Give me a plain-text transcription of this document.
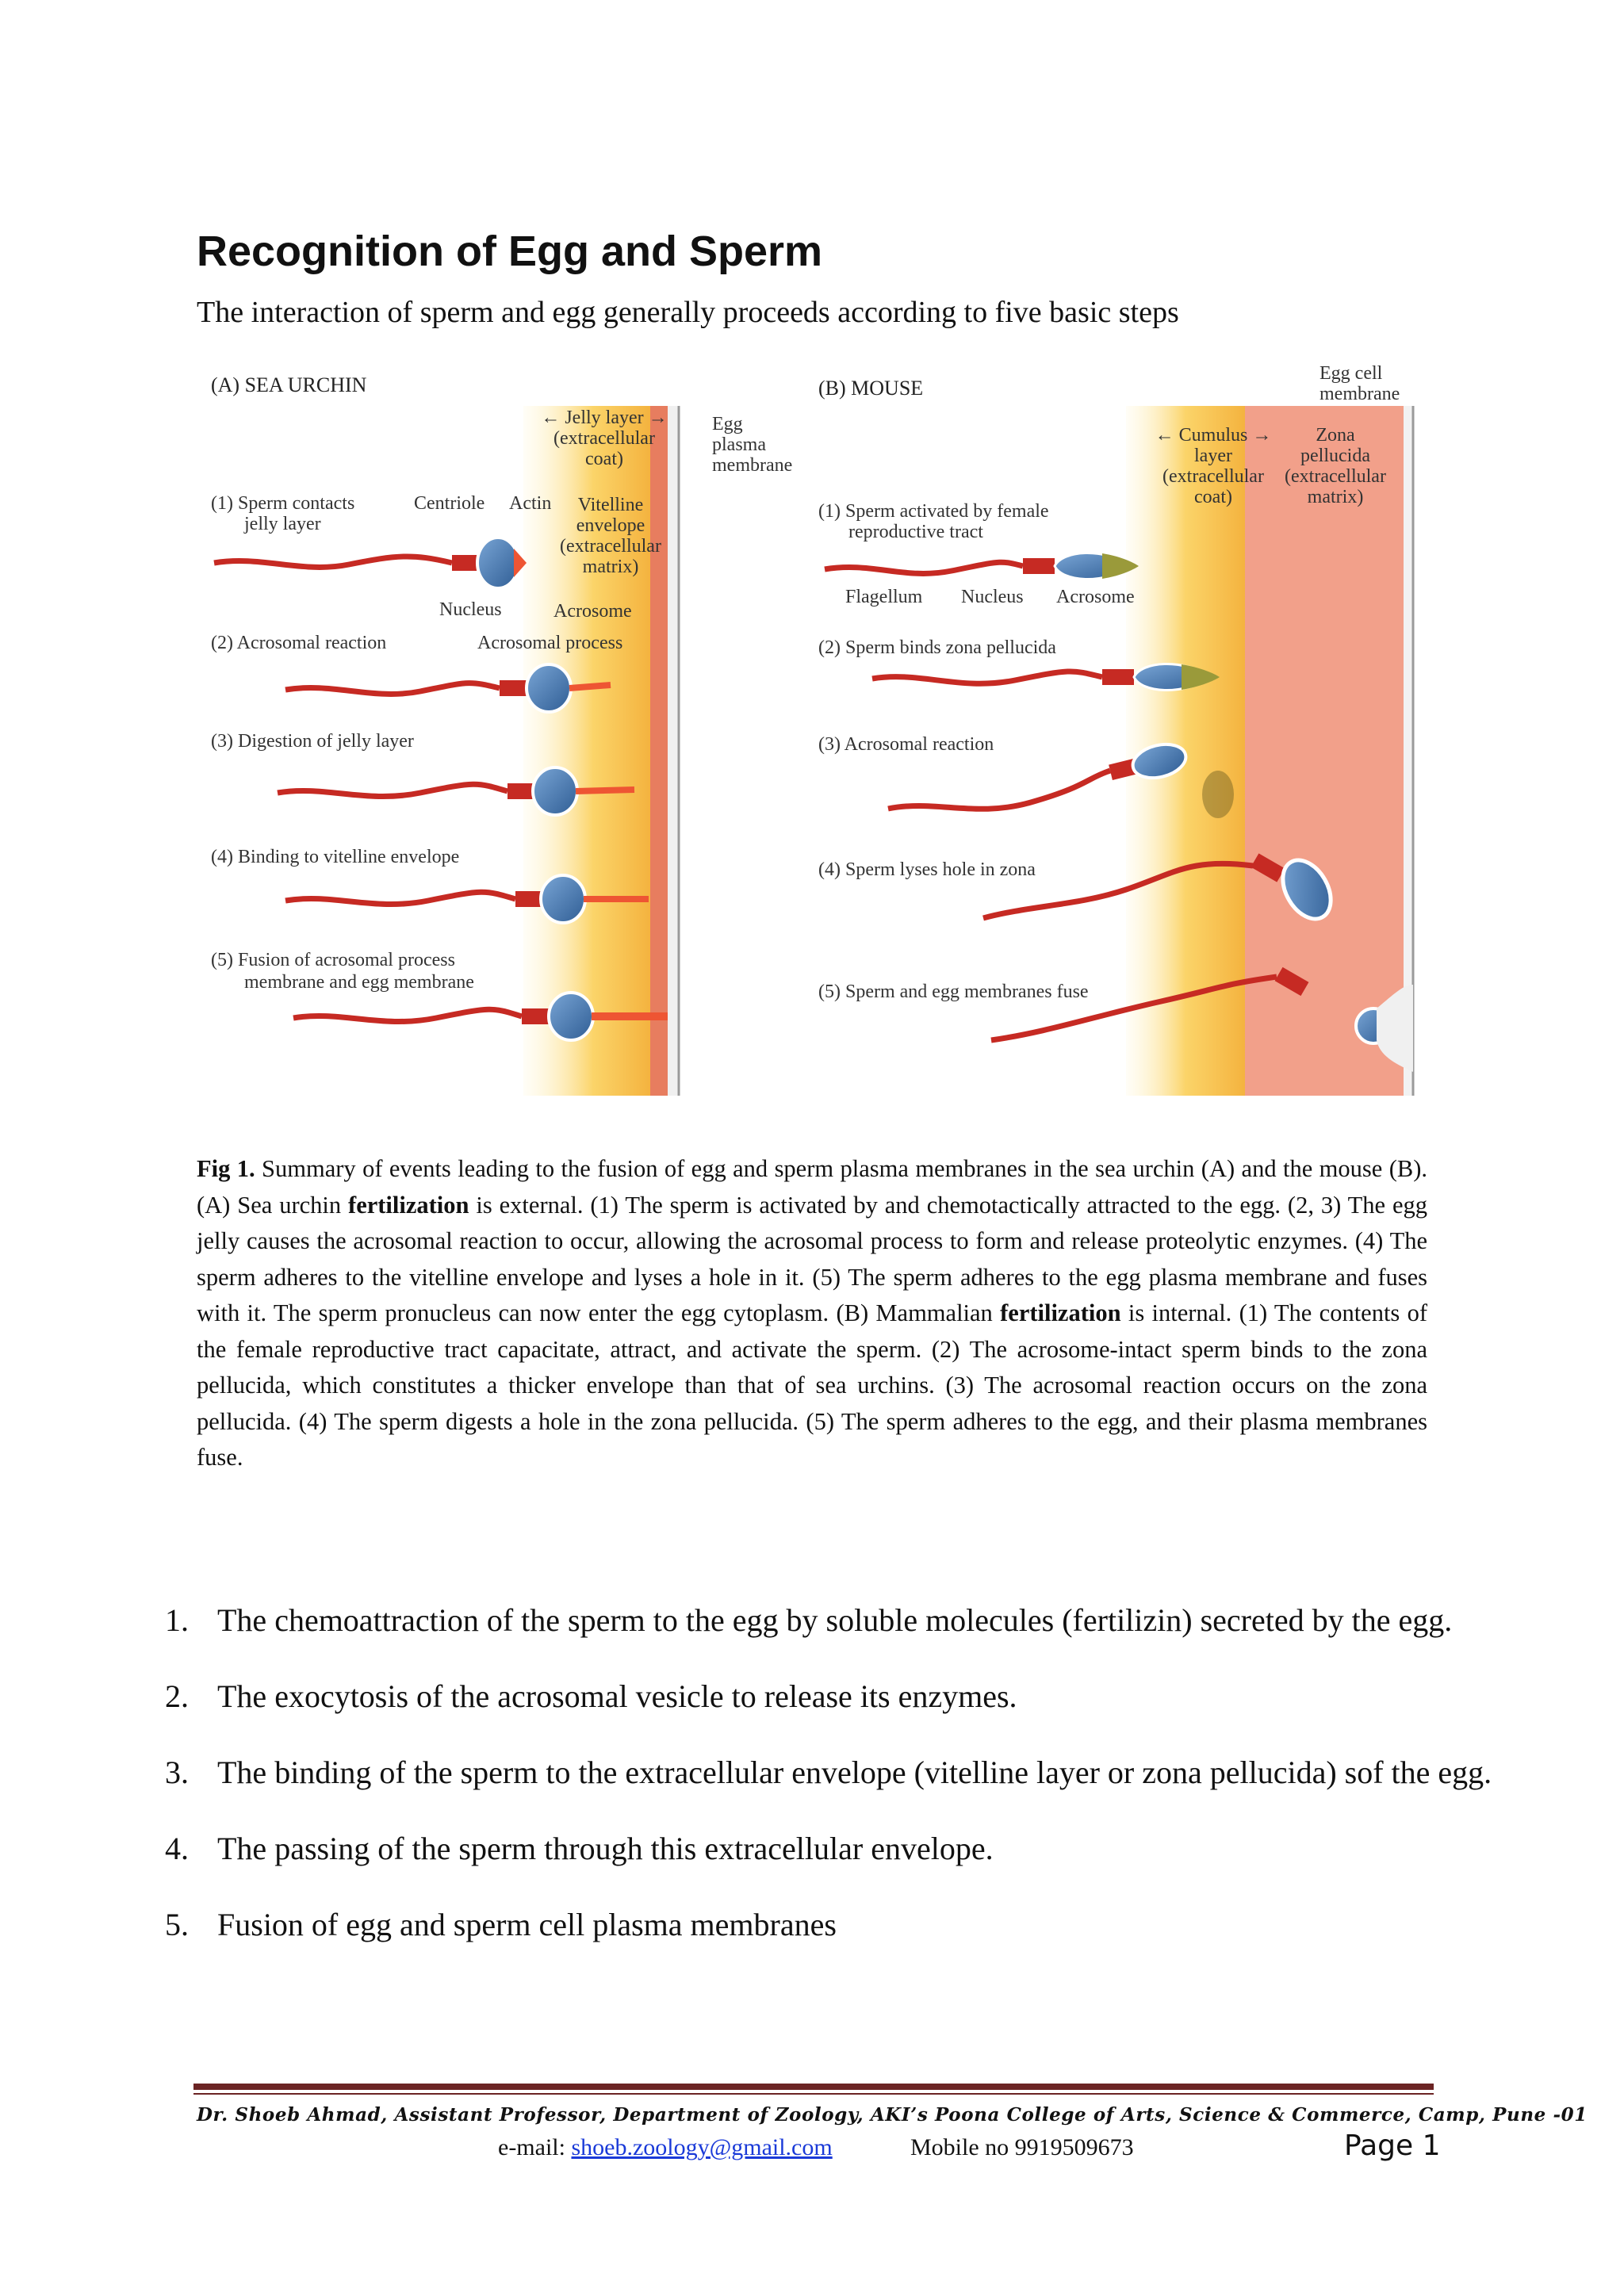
Recognition of Egg and Sperm

The interaction of sperm and egg generally proceeds according to five basic steps

(A) SEA URCHIN	(B) MOUSE
← Jelly layer →
(extracellular
coat)
Egg
plasma
membrane
Vitelline
envelope
(extracellular
matrix)
Centriole Actin
Nucleus	Acrosome
Acrosomal process
(1) Sperm contacts
jelly layer
(2) Acrosomal reaction
(3) Digestion of jelly layer
(4) Binding to vitelline envelope
(5) Fusion of acrosomal process
membrane and egg membrane
Egg cell
membrane
← Cumulus →
layer
(extracellular
coat)
Zona
pellucida
(extracellular
matrix)
Flagellum Nucleus Acrosome
(1) Sperm activated by female
reproductive tract
(2) Sperm binds zona pellucida
(3) Acrosomal reaction
(4) Sperm lyses hole in zona
(5) Sperm and egg membranes fuse

Fig 1. Summary of events leading to the fusion of egg and sperm plasma membranes in the sea urchin (A) and the mouse (B). (A) Sea urchin fertilization is external. (1) The sperm is activated by and chemotactically attracted to the egg. (2, 3) The egg jelly causes the acrosomal reaction to occur, allowing the acrosomal process to form and release proteolytic enzymes. (4) The sperm adheres to the vitelline envelope and lyses a hole in it. (5) The sperm adheres to the egg plasma membrane and fuses with it. The sperm pronucleus can now enter the egg cytoplasm. (B) Mammalian fertilization is internal. (1) The contents of the female reproductive tract capacitate, attract, and activate the sperm. (2) The acrosome-intact sperm binds to the zona pellucida, which constitutes a thicker envelope than that of sea urchins. (3) The acrosomal reaction occurs on the zona pellucida. (4) The sperm digests a hole in the zona pellucida. (5) The sperm adheres to the egg, and their plasma membranes fuse.

1. The chemoattraction of the sperm to the egg by soluble molecules (fertilizin) secreted by the egg.
2. The exocytosis of the acrosomal vesicle to release its enzymes.
3. The binding of the sperm to the extracellular envelope (vitelline layer or zona pellucida) sof the egg.
4. The passing of the sperm through this extracellular envelope.
5. Fusion of egg and sperm cell plasma membranes
Dr. Shoeb Ahmad, Assistant Professor, Department of Zoology, AKI’s Poona College of Arts, Science & Commerce, Camp, Pune -01
e-mail: shoeb.zoology@gmail.com	Mobile no 9919509673	Page 1
